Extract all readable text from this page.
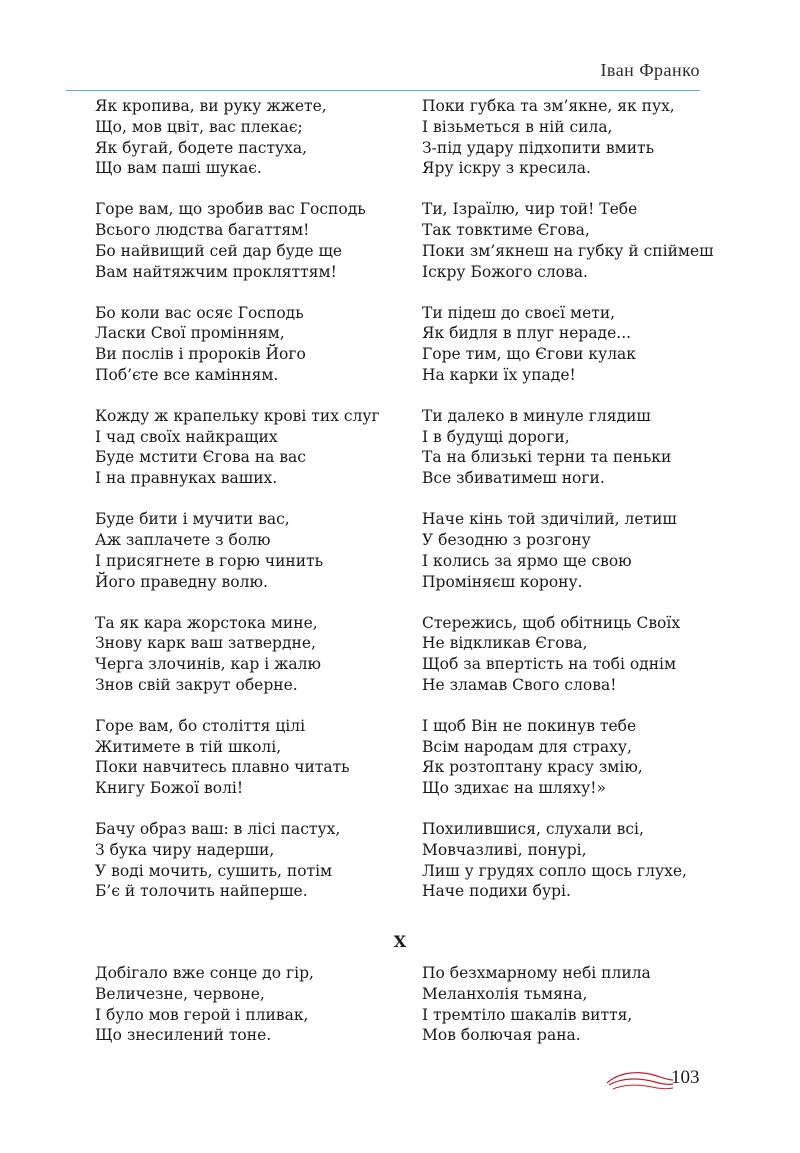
Іван Франко
Як кропива, ви руку жжете,
Що, мов цвіт, вас плекає;
Як бугай, бодете пастуха,
Що вам паші шукає.
Горе вам, що зробив вас Господь
Всього людства багаттям!
Бо найвищий сей дар буде ще
Вам найтяжчим прокляттям!
Бо коли вас осяє Господь
Ласки Свої промінням,
Ви послів і пророків Його
Поб’єте все камінням.
Кожду ж крапельку крові тих слуг
І чад своїх найкращих
Буде мстити Єгова на вас
І на правнуках ваших.
Буде бити і мучити вас,
Аж заплачете з болю
І присягнете в горю чинить
Його праведну волю.
Та як кара жорстока мине,
Знову карк ваш затвердне,
Черга злочинів, кар і жалю
Знов свій закрут оберне.
Горе вам, бо століття цілі
Житимете в тій школі,
Поки навчитесь плавно читать
Книгу Божої волі!
Бачу образ ваш: в лісі пастух,
З бука чиру надерши,
У воді мочить, сушить, потім
Б’є й толочить найперше.
Добігало вже сонце до гір,
Величезне, червоне,
І було мов герой і пливак,
Що знесилений тоне.
Поки губка та зм’якне, як пух,
І візьметься в ній сила,
З-під удару підхопити вмить
Яру іскру з кресила.
Ти, Ізраїлю, чир той! Тебе
Так товктиме Єгова,
Поки зм’якнеш на губку й спіймеш
Іскру Божого слова.
Ти підеш до своєї мети,
Як бидля в плуг нераде...
Горе тим, що Єгови кулак
На карки їх упаде!
Ти далеко в минуле глядиш
І в будущі дороги,
Та на близькі терни та пеньки
Все збиватимеш ноги.
Наче кінь той здичілий, летиш
У безодню з розгону
І колись за ярмо ще свою
Проміняєш корону.
Стережись, щоб обітниць Своїх
Не відкликав Єгова,
Щоб за впертість на тобі однім
Не зламав Свого слова!
І щоб Він не покинув тебе
Всім народам для страху,
Як розтоптану красу змію,
Що здихає на шляху!»
Похилившися, слухали всі,
Мовчазливі, понурі,
Лиш у грудях сопло щось глухе,
Наче подихи бурі.
По безхмарному небі плила
Меланхолія тьмяна,
І тремтіло шакалів виття,
Мов болючая рана.
X
103
